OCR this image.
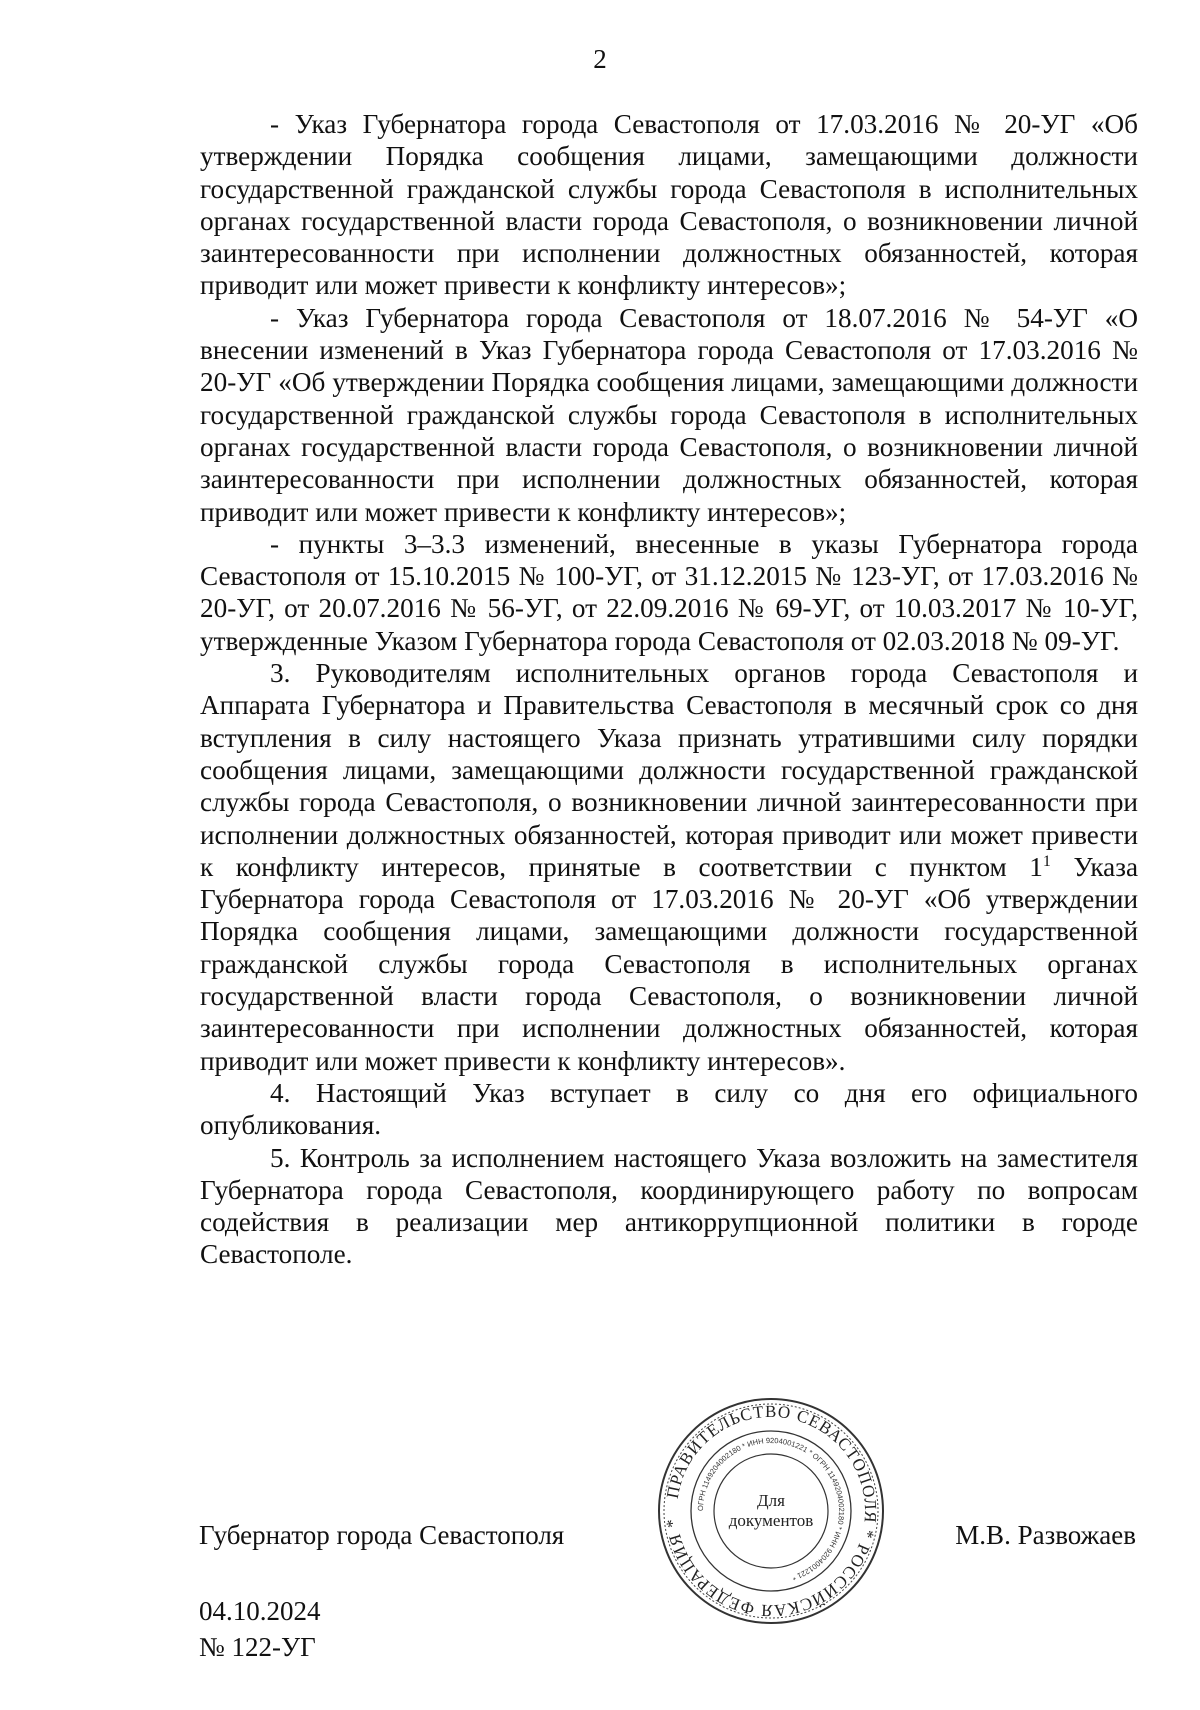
2

- Указ Губернатора города Севастополя от 17.03.2016 № 20-УГ «Об утверждении Порядка сообщения лицами, замещающими должности государственной гражданской службы города Севастополя в исполнительных органах государственной власти города Севастополя, о возникновении личной заинтересованности при исполнении должностных обязанностей, которая приводит или может привести к конфликту интересов»;

- Указ Губернатора города Севастополя от 18.07.2016 № 54-УГ «О внесении изменений в Указ Губернатора города Севастополя от 17.03.2016 № 20-УГ «Об утверждении Порядка сообщения лицами, замещающими должности государственной гражданской службы города Севастополя в исполнительных органах государственной власти города Севастополя, о возникновении личной заинтересованности при исполнении должностных обязанностей, которая приводит или может привести к конфликту интересов»;

- пункты 3–3.3 изменений, внесенные в указы Губернатора города Севастополя от 15.10.2015 № 100-УГ, от 31.12.2015 № 123-УГ, от 17.03.2016 № 20-УГ, от 20.07.2016 № 56-УГ, от 22.09.2016 № 69-УГ, от 10.03.2017 № 10-УГ, утвержденные Указом Губернатора города Севастополя от 02.03.2018 № 09-УГ.

3. Руководителям исполнительных органов города Севастополя и Аппарата Губернатора и Правительства Севастополя в месячный срок со дня вступления в силу настоящего Указа признать утратившими силу порядки сообщения лицами, замещающими должности государственной гражданской службы города Севастополя, о возникновении личной заинтересованности при исполнении должностных обязанностей, которая приводит или может привести к конфликту интересов, принятые в соответствии с пунктом $1^1$ Указа Губернатора города Севастополя от 17.03.2016 № 20-УГ «Об утверждении Порядка сообщения лицами, замещающими должности государственной гражданской службы города Севастополя в исполнительных органах государственной власти города Севастополя, о возникновении личной заинтересованности при исполнении должностных обязанностей, которая приводит или может привести к конфликту интересов».

4. Настоящий Указ вступает в силу со дня его официального опубликования.

5. Контроль за исполнением настоящего Указа возложить на заместителя Губернатора города Севастополя, координирующего работу по вопросам содействия в реализации мер антикоррупционной политики в городе Севастополе.

Губернатор города Севастополя
ПРАВИТЕЛЬСТВО СЕВАСТОПОЛЯ * РОССИЙСКАЯ ФЕДЕРАЦИЯ *
ОГРН 1149204002180 * ИНН 9204001221 * ОГРН 1149204002180 * ИНН 9204001221 *
Для
документов	М.В. Развожаев
04.10.2024
№ 122-УГ
